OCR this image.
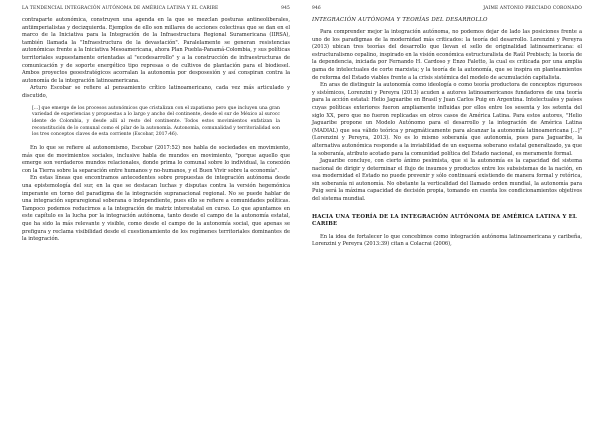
LA TENDENCIAL INTEGRACIÓN AUTÓNOMA DE AMÉRICA LATINA Y EL CARIBE	945

contraparte autonómica, construyen una agenda en la que se mezclan posturas antineoliberales, antiimperialistas y decizquierda. Ejemplos de ello son millares de acciones colectivas que se dan en el marco de la Iniciativa para la Integración de la Infraestructura Regional Suramericana (IIRSA), también llamada la "Infraestructura de la devastación". Paralelamente se generan resistencias autonómicas frente a la Iniciativa Mesoamericana, ahora Plan Puebla-Panamá-Colombia, y sus políticas territoriales supuestamente orientadas al "ecodesarrollo" y a la construcción de infraestructuras de comunicación y de soporte energético tipo represas o de cultivos de plantación para el biodiesel. Ambos proyectos geoestratégicos acorralan la autonomía por desposesión y así conspiran contra la autonomía de la integración latinoamericana.

Arturo Escobar se refiere al pensamiento crítico latinoamericano, cada vez más articulado y discutido,

[...] que emerge de los procesos autonómicos que cristalizan con el zapatismo pero que incluyen una gran variedad de experiencias y propuestas a lo largo y ancho del continente, desde el sur de México al surocc idente de Colombia, y desde allí al resto del continente. Todos estos movimientos enfatizan la reconstitución de lo comunal como el pilar de la autonomía. Autonomía, comunalidad y territorialidad son los tres conceptos claves de esta corriente (Escobar, 2017:46).

En lo que se refiere al autonomismo, Escobar (2017:52) nos habla de sociedades en movimiento, más que de movimientos sociales, inclusive habla de mundos en movimiento, "porque aquello que emerge son verdaderos mundos relacionales, donde prima lo comunal sobre lo individual, la conexión con la Tierra sobre la separación entre humanos y no-humanos, y el Buen Vivir sobre la economía".

En estas líneas que encontramos antecedentes sobre propuestas de integración autónoma desde una epistemología del sur, en la que se destacan luchas y disputas contra la versión hegemónica imperante en torno del paradigma de la integración supranacional regional. No se puede hablar de una integración supraregional soberana o independiente, pues ello se refiere a comunidades políticas. Tampoco podemos reducirnos a la integración de matriz interestatal en curso. Lo que apuntamos en este capítulo es la lucha por la integración autónoma, tanto desde el campo de la autonomía estatal, que ha sido la más relevante y visible, como desde el campo de la autonomía social, que apenas se prefigura y reclama visibilidad desde el cuestionamiento de los regímenes territoriales dominantes de la integración.

946	JAIME ANTONIO PRECIADO CORONADO
INTEGRACIÓN AUTÓNOMA Y TEORÍAS DEL DESARROLLO

Para comprender mejor la integración autónoma, no podemos dejar de lado las posiciones frente a uno de los paradigmas de la modernidad más criticados: la teoría del desarrollo. Lorenzini y Pereyra (2013) ubican tres teorías del desarrollo que llevan el sello de originalidad latinoamericana: el estructuralismo cepalino, inspirado en la visión económica estructuralista de Raúl Prebisch; la teoría de la dependencia, iniciada por Fernando H. Cardoso y Enzo Faletto, la cual es criticada por una amplia gama de intelectuales de corte marxista; y la teoría de la autonomía, que se inspira en planteamientos de reforma del Estado viables frente a la crisis sistémica del modelo de acumulación capitalista.

En aras de distinguir la autonomía como ideología o como teoría productora de conceptos rigurosos y sistémicos, Lorenzini y Pereyra (2013) acuden a autores latinoamericanos fundadores de una teoría para la acción estatal: Helio Jaguaribe en Brasil y Juan Carlos Puig en Argentina. Intelectuales y países cuyas políticas exteriores fueron ampliamente influidas por ellos entre los sesenta y los setenta del siglo XX, pero que no fueron replicadas en otros casos de América Latina. Para estos autores, "Helio Jaguaribe propone un Modelo Autónomo para el desarrollo y la integración de América Latina (MADIAL) que sea válido teórica y pragmáticamente para alcanzar la autonomía latinoamericana [...]" (Lorenzini y Pereyra, 2013). No es lo mismo soberanía que autonomía, pues para Jaguaribe, la alternativa autonómica responde a la inviabilidad de un esquema soberano estatal generalizado, ya que la soberanía, atributo acotado para la comunidad política del Estado nacional, es meramente formal.

Jaguaribe concluye, con cierto ánimo pesimista, que si la autonomía es la capacidad del sistema nacional de dirigir y determinar el flujo de insumos y productos entre los subsistemas de la nación, en esa modernidad el Estado no puede prevenir y sólo continuará existiendo de manera formal y retórica, sin soberanía ni autonomía. No obstante la verticalidad del llamado orden mundial, la autonomía para Puig será la máxima capacidad de decisión propia, tomando en cuenta los condicionamientos objetivos del sistema mundial.

HACIA UNA TEORÍA DE LA INTEGRACIÓN AUTÓNOMA DE AMÉRICA LATINA Y EL CARIBE

En la idea de fortalecer lo que concebimos como integración autónoma latinoamericana y caribeña, Lorenzini y Pereyra (2013:39) citan a Colacrai (2006),
